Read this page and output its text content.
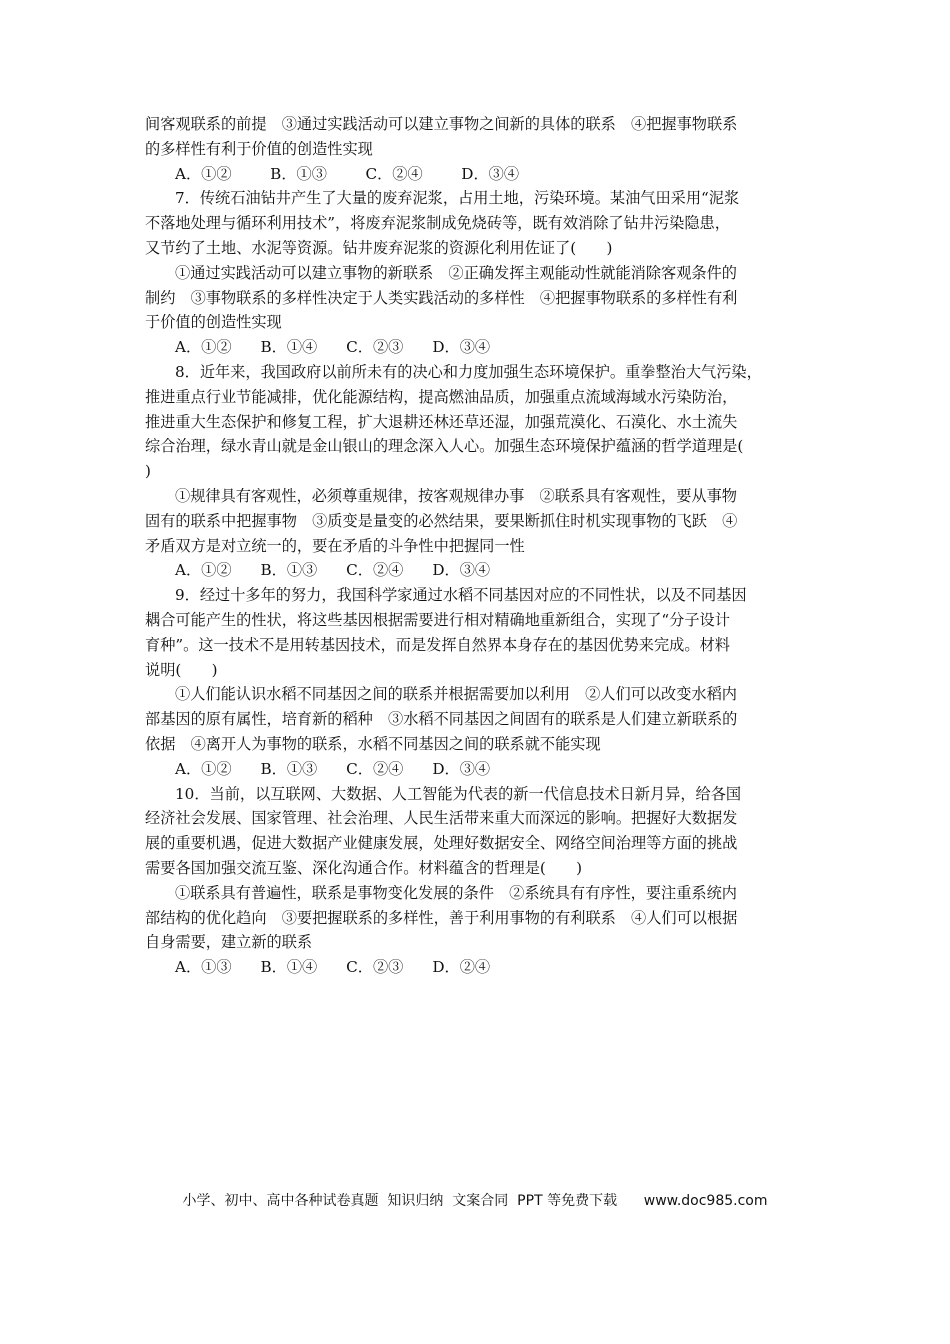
间客观联系的前提　③通过实践活动可以建立事物之间新的具体的联系　④把握事物联系
的多样性有利于价值的创造性实现
A．①②        B．①③        C．②④        D．③④
7．传统石油钻井产生了大量的废弃泥浆，占用土地，污染环境。某油气田采用“泥浆
不落地处理与循环利用技术”，将废弃泥浆制成免烧砖等，既有效消除了钻井污染隐患，
又节约了土地、水泥等资源。钻井废弃泥浆的资源化利用佐证了(　　)
①通过实践活动可以建立事物的新联系　②正确发挥主观能动性就能消除客观条件的
制约　③事物联系的多样性决定于人类实践活动的多样性　④把握事物联系的多样性有利
于价值的创造性实现
A．①②      B．①④      C．②③      D．③④
8．近年来，我国政府以前所未有的决心和力度加强生态环境保护。重拳整治大气污染，
推进重点行业节能减排，优化能源结构，提高燃油品质，加强重点流域海域水污染防治，
推进重大生态保护和修复工程，扩大退耕还林还草还湿，加强荒漠化、石漠化、水土流失
综合治理，绿水青山就是金山银山的理念深入人心。加强生态环境保护蕴涵的哲学道理是(
)
①规律具有客观性，必须尊重规律，按客观规律办事　②联系具有客观性，要从事物
固有的联系中把握事物　③质变是量变的必然结果，要果断抓住时机实现事物的飞跃　④
矛盾双方是对立统一的，要在矛盾的斗争性中把握同一性
A．①②      B．①③      C．②④      D．③④
9．经过十多年的努力，我国科学家通过水稻不同基因对应的不同性状，以及不同基因
耦合可能产生的性状，将这些基因根据需要进行相对精确地重新组合，实现了“分子设计
育种”。这一技术不是用转基因技术，而是发挥自然界本身存在的基因优势来完成。材料
说明(　　)
①人们能认识水稻不同基因之间的联系并根据需要加以利用　②人们可以改变水稻内
部基因的原有属性，培育新的稻种　③水稻不同基因之间固有的联系是人们建立新联系的
依据　④离开人为事物的联系，水稻不同基因之间的联系就不能实现
A．①②      B．①③      C．②④      D．③④
10．当前，以互联网、大数据、人工智能为代表的新一代信息技术日新月异，给各国
经济社会发展、国家管理、社会治理、人民生活带来重大而深远的影响。把握好大数据发
展的重要机遇，促进大数据产业健康发展，处理好数据安全、网络空间治理等方面的挑战
需要各国加强交流互鉴、深化沟通合作。材料蕴含的哲理是(　　)
①联系具有普遍性，联系是事物变化发展的条件　②系统具有有序性，要注重系统内
部结构的优化趋向　③要把握联系的多样性，善于利用事物的有利联系　④人们可以根据
自身需要，建立新的联系
A．①③      B．①④      C．②③      D．②④
小学、初中、高中各种试卷真题  知识归纳  文案合同  PPT 等免费下载      www.doc985.com
